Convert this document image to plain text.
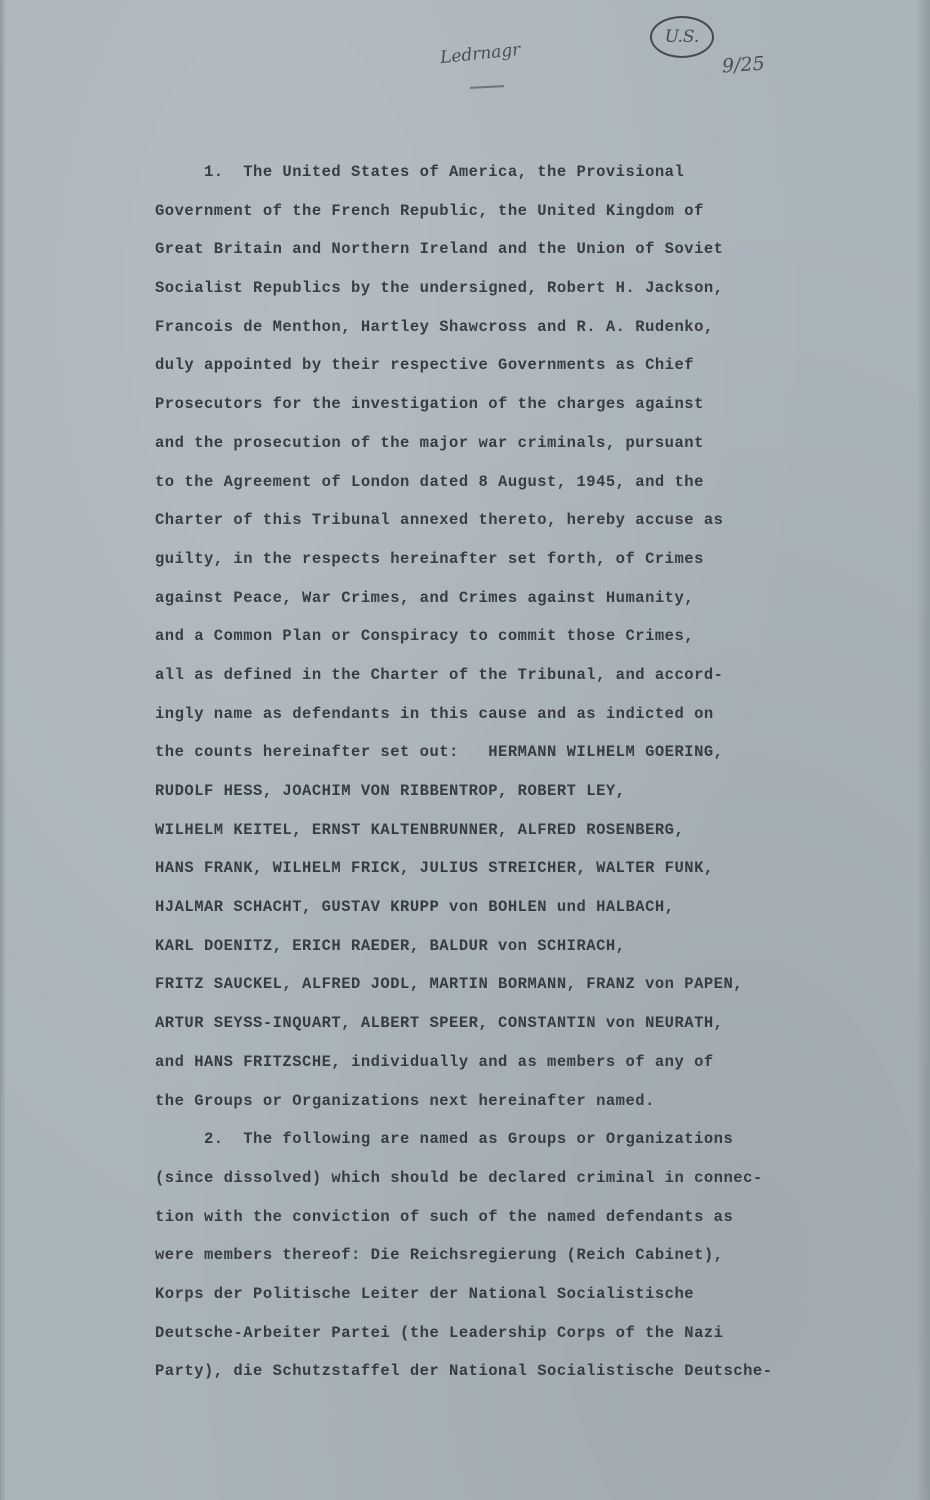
Ledrnagr
U.S.
9/25
1.  The United States of America, the Provisional
Government of the French Republic, the United Kingdom of
Great Britain and Northern Ireland and the Union of Soviet
Socialist Republics by the undersigned, Robert H. Jackson,
Francois de Menthon, Hartley Shawcross and R. A. Rudenko,
duly appointed by their respective Governments as Chief
Prosecutors for the investigation of the charges against
and the prosecution of the major war criminals, pursuant
to the Agreement of London dated 8 August, 1945, and the
Charter of this Tribunal annexed thereto, hereby accuse as
guilty, in the respects hereinafter set forth, of Crimes
against Peace, War Crimes, and Crimes against Humanity,
and a Common Plan or Conspiracy to commit those Crimes,
all as defined in the Charter of the Tribunal, and accord-
ingly name as defendants in this cause and as indicted on
the counts hereinafter set out:   HERMANN WILHELM GOERING,
RUDOLF HESS, JOACHIM VON RIBBENTROP, ROBERT LEY,
WILHELM KEITEL, ERNST KALTENBRUNNER, ALFRED ROSENBERG,
HANS FRANK, WILHELM FRICK, JULIUS STREICHER, WALTER FUNK,
HJALMAR SCHACHT, GUSTAV KRUPP von BOHLEN und HALBACH,
KARL DOENITZ, ERICH RAEDER, BALDUR von SCHIRACH,
FRITZ SAUCKEL, ALFRED JODL, MARTIN BORMANN, FRANZ von PAPEN,
ARTUR SEYSS-INQUART, ALBERT SPEER, CONSTANTIN von NEURATH,
and HANS FRITZSCHE, individually and as members of any of
the Groups or Organizations next hereinafter named.
2.  The following are named as Groups or Organizations
(since dissolved) which should be declared criminal in connec-
tion with the conviction of such of the named defendants as
were members thereof: Die Reichsregierung (Reich Cabinet),
Korps der Politische Leiter der National Socialistische
Deutsche-Arbeiter Partei (the Leadership Corps of the Nazi
Party), die Schutzstaffel der National Socialistische Deutsche-
